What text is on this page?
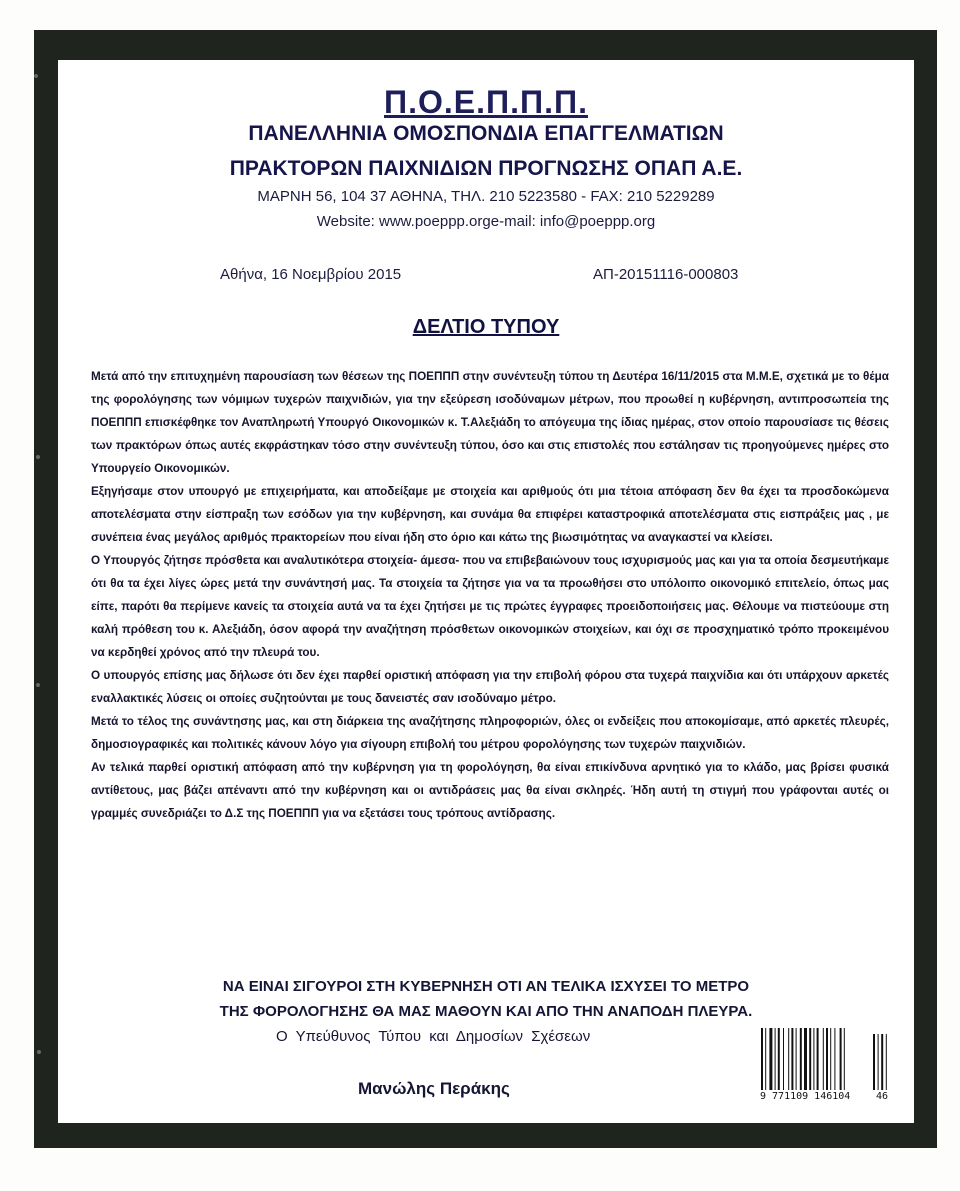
Π.Ο.Ε.Π.Π.Π.
ΠΑΝΕΛΛΗΝΙΑ ΟΜΟΣΠΟΝΔΙΑ ΕΠΑΓΓΕΛΜΑΤΙΩΝ
ΠΡΑΚΤΟΡΩΝ ΠΑΙΧΝΙΔΙΩΝ ΠΡΟΓΝΩΣΗΣ ΟΠΑΠ Α.Ε.
ΜΑΡΝΗ 56, 104 37 ΑΘΗΝΑ, ΤΗΛ. 210 5223580 - FAX: 210 5229289
Website: www.poeppp.orge-mail: info@poeppp.org
Αθήνα, 16 Νοεμβρίου 2015	ΑΠ-20151116-000803
ΔΕΛΤΙΟ ΤΥΠΟΥ

Μετά από την επιτυχημένη παρουσίαση των θέσεων της ΠΟΕΠΠΠ στην συνέντευξη τύπου τη Δευτέρα 16/11/2015 στα Μ.Μ.Ε, σχετικά με το θέμα της φορολόγησης των νόμιμων τυχερών παιχνιδιών, για την εξεύρεση ισοδύναμων μέτρων, που προωθεί η κυβέρνηση, αντιπροσωπεία της ΠΟΕΠΠΠ επισκέφθηκε τον Αναπληρωτή Υπουργό Οικονομικών κ. Τ.Αλεξιάδη το απόγευμα της ίδιας ημέρας, στον οποίο παρουσίασε τις θέσεις των πρακτόρων όπως αυτές εκφράστηκαν τόσο στην συνέντευξη τύπου, όσο και στις επιστολές που εστάλησαν τις προηγούμενες ημέρες στο Υπουργείο Οικονομικών.

Εξηγήσαμε στον υπουργό με επιχειρήματα, και αποδείξαμε με στοιχεία και αριθμούς ότι μια τέτοια απόφαση δεν θα έχει τα προσδοκώμενα αποτελέσματα στην είσπραξη των εσόδων για την κυβέρνηση, και συνάμα θα επιφέρει καταστροφικά αποτελέσματα στις εισπράξεις μας , με συνέπεια ένας μεγάλος αριθμός πρακτορείων που είναι ήδη στο όριο και κάτω της βιωσιμότητας να αναγκαστεί να κλείσει.

Ο Υπουργός ζήτησε πρόσθετα και αναλυτικότερα στοιχεία- άμεσα- που να επιβεβαιώνουν τους ισχυρισμούς μας και για τα οποία δεσμευτήκαμε ότι θα τα έχει λίγες ώρες μετά την συνάντησή μας. Τα στοιχεία τα ζήτησε για να τα προωθήσει στο υπόλοιπο οικονομικό επιτελείο, όπως μας είπε, παρότι θα περίμενε κανείς τα στοιχεία αυτά να τα έχει ζητήσει με τις πρώτες έγγραφες προειδοποιήσεις μας. Θέλουμε να πιστεύουμε στη καλή πρόθεση του κ. Αλεξιάδη, όσον αφορά την αναζήτηση πρόσθετων οικονομικών στοιχείων, και όχι σε προσχηματικό τρόπο προκειμένου να κερδηθεί χρόνος από την πλευρά του.

Ο υπουργός επίσης μας δήλωσε ότι δεν έχει παρθεί οριστική απόφαση για την επιβολή φόρου στα τυχερά παιχνίδια και ότι υπάρχουν αρκετές εναλλακτικές λύσεις οι οποίες συζητούνται με τους δανειστές σαν ισοδύναμο μέτρο.

Μετά το τέλος της συνάντησης μας, και στη διάρκεια της αναζήτησης πληροφοριών, όλες οι ενδείξεις που αποκομίσαμε, από αρκετές πλευρές, δημοσιογραφικές και πολιτικές κάνουν λόγο για σίγουρη επιβολή του μέτρου φορολόγησης των τυχερών παιχνιδιών.

Αν τελικά παρθεί οριστική απόφαση από την κυβέρνηση για τη φορολόγηση, θα είναι επικίνδυνα αρνητικό για το κλάδο, μας βρίσει φυσικά αντίθετους, μας βάζει απέναντι από την κυβέρνηση και οι αντιδράσεις μας θα είναι σκληρές. Ήδη αυτή τη στιγμή που γράφονται αυτές οι γραμμές συνεδριάζει το Δ.Σ της ΠΟΕΠΠΠ για να εξετάσει τους τρόπους αντίδρασης.

ΝΑ ΕΙΝΑΙ ΣΙΓΟΥΡΟΙ ΣΤΗ ΚΥΒΕΡΝΗΣΗ ΟΤΙ ΑΝ ΤΕΛΙΚΑ ΙΣΧΥΣΕΙ ΤΟ ΜΕΤΡΟ
ΤΗΣ ΦΟΡΟΛΟΓΗΣΗΣ ΘΑ ΜΑΣ ΜΑΘΟΥΝ ΚΑΙ ΑΠΟ ΤΗΝ ΑΝΑΠΟΔΗ ΠΛΕΥΡΑ.
Ο Υπεύθυνος Τύπου και Δημοσίων Σχέσεων
Μανώλης Περάκης	9 771109 146104	46
